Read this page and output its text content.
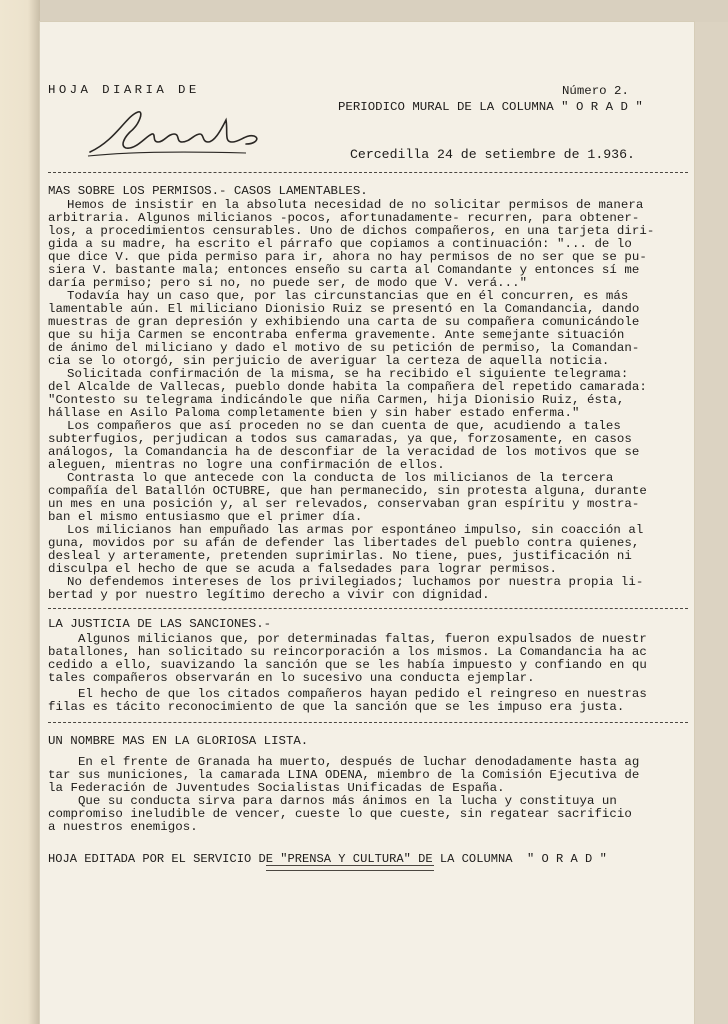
HOJA DIARIA DE	Número 2.
PERIODICO MURAL DE LA COLUMNA " O R A D "
Cercedilla 24 de setiembre de 1.936.
MAS SOBRE LOS PERMISOS.- CASOS LAMENTABLES.
Hemos de insistir en la absoluta necesidad de no solicitar permisos de manera
arbitraria. Algunos milicianos -pocos, afortunadamente- recurren, para obtener-
los, a procedimientos censurables. Uno de dichos compañeros, en una tarjeta diri-
gida a su madre, ha escrito el párrafo que copiamos a continuación: "... de lo
que dice V. que pida permiso para ir, ahora no hay permisos de no ser que se pu-
siera V. bastante mala; entonces enseño su carta al Comandante y entonces sí me
daría permiso; pero si no, no puede ser, de modo que V. verá..."
Todavía hay un caso que, por las circunstancias que en él concurren, es más
lamentable aún. El miliciano Dionisio Ruiz se presentó en la Comandancia, dando
muestras de gran depresión y exhibiendo una carta de su compañera comunicándole
que su hija Carmen se encontraba enferma gravemente. Ante semejante situación
de ánimo del miliciano y dado el motivo de su petición de permiso, la Comandan-
cia se lo otorgó, sin perjuicio de averiguar la certeza de aquella noticia.
Solicitada confirmación de la misma, se ha recibido el siguiente telegrama:
del Alcalde de Vallecas, pueblo donde habita la compañera del repetido camarada:
"Contesto su telegrama indicándole que niña Carmen, hija Dionisio Ruiz, ésta,
hállase en Asilo Paloma completamente bien y sin haber estado enferma."
Los compañeros que así proceden no se dan cuenta de que, acudiendo a tales
subterfugios, perjudican a todos sus camaradas, ya que, forzosamente, en casos
análogos, la Comandancia ha de desconfiar de la veracidad de los motivos que se
aleguen, mientras no logre una confirmación de ellos.
Contrasta lo que antecede con la conducta de los milicianos de la tercera
compañía del Batallón OCTUBRE, que han permanecido, sin protesta alguna, durante
un mes en una posición y, al ser relevados, conservaban gran espíritu y mostra-
ban el mismo entusiasmo que el primer día.
Los milicianos han empuñado las armas por espontáneo impulso, sin coacción al
guna, movidos por su afán de defender las libertades del pueblo contra quienes,
desleal y arteramente, pretenden suprimirlas. No tiene, pues, justificación ni
disculpa el hecho de que se acuda a falsedades para lograr permisos.
No defendemos intereses de los privilegiados; luchamos por nuestra propia li-
bertad y por nuestro legítimo derecho a vivir con dignidad.
LA JUSTICIA DE LAS SANCIONES.-
Algunos milicianos que, por determinadas faltas, fueron expulsados de nuestr
batallones, han solicitado su reincorporación a los mismos. La Comandancia ha ac
cedido a ello, suavizando la sanción que se les había impuesto y confiando en qu
tales compañeros observarán en lo sucesivo una conducta ejemplar.
El hecho de que los citados compañeros hayan pedido el reingreso en nuestras
filas es tácito reconocimiento de que la sanción que se les impuso era justa.
UN NOMBRE MAS EN LA GLORIOSA LISTA.
En el frente de Granada ha muerto, después de luchar denodadamente hasta ag
tar sus municiones, la camarada LINA ODENA, miembro de la Comisión Ejecutiva de
la Federación de Juventudes Socialistas Unificadas de España.
Que su conducta sirva para darnos más ánimos en la lucha y constituya un
compromiso ineludible de vencer, cueste lo que cueste, sin regatear sacrificio
a nuestros enemigos.
HOJA EDITADA POR EL SERVICIO DE "PRENSA Y CULTURA" DE LA COLUMNA  " O R A D "
